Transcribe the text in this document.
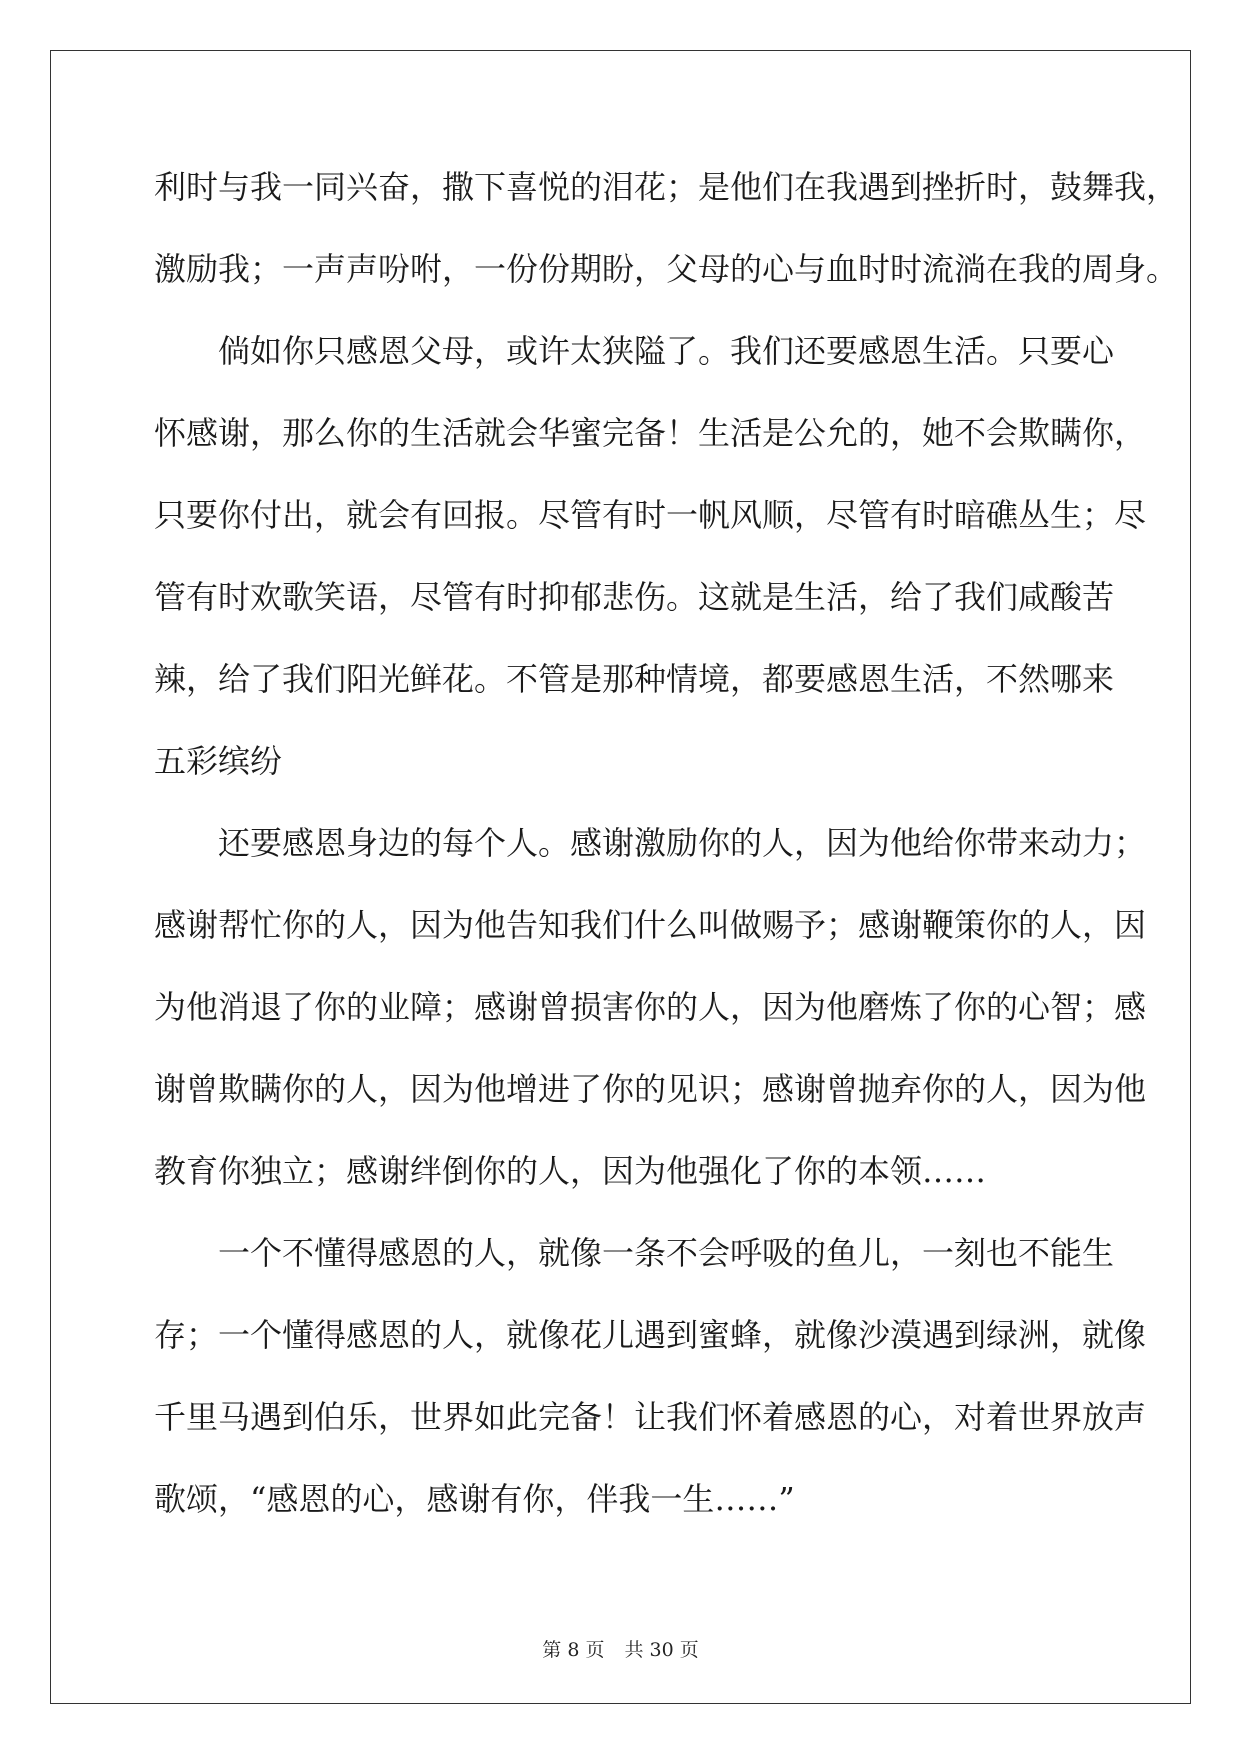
利时与我一同兴奋，撒下喜悦的泪花；是他们在我遇到挫折时，鼓舞我，
激励我；一声声吩咐，一份份期盼，父母的心与血时时流淌在我的周身。
　　倘如你只感恩父母，或许太狭隘了。我们还要感恩生活。只要心
怀感谢，那么你的生活就会华蜜完备！生活是公允的，她不会欺瞒你，
只要你付出，就会有回报。尽管有时一帆风顺，尽管有时暗礁丛生；尽
管有时欢歌笑语，尽管有时抑郁悲伤。这就是生活，给了我们咸酸苦
辣，给了我们阳光鲜花。不管是那种情境，都要感恩生活，不然哪来
五彩缤纷
　　还要感恩身边的每个人。感谢激励你的人，因为他给你带来动力；
感谢帮忙你的人，因为他告知我们什么叫做赐予；感谢鞭策你的人，因
为他消退了你的业障；感谢曾损害你的人，因为他磨炼了你的心智；感
谢曾欺瞒你的人，因为他增进了你的见识；感谢曾抛弃你的人，因为他
教育你独立；感谢绊倒你的人，因为他强化了你的本领……
　　一个不懂得感恩的人，就像一条不会呼吸的鱼儿，一刻也不能生
存；一个懂得感恩的人，就像花儿遇到蜜蜂，就像沙漠遇到绿洲，就像
千里马遇到伯乐，世界如此完备！让我们怀着感恩的心，对着世界放声
歌颂，“感恩的心，感谢有你，伴我一生……”
第 8 页 共 30 页
